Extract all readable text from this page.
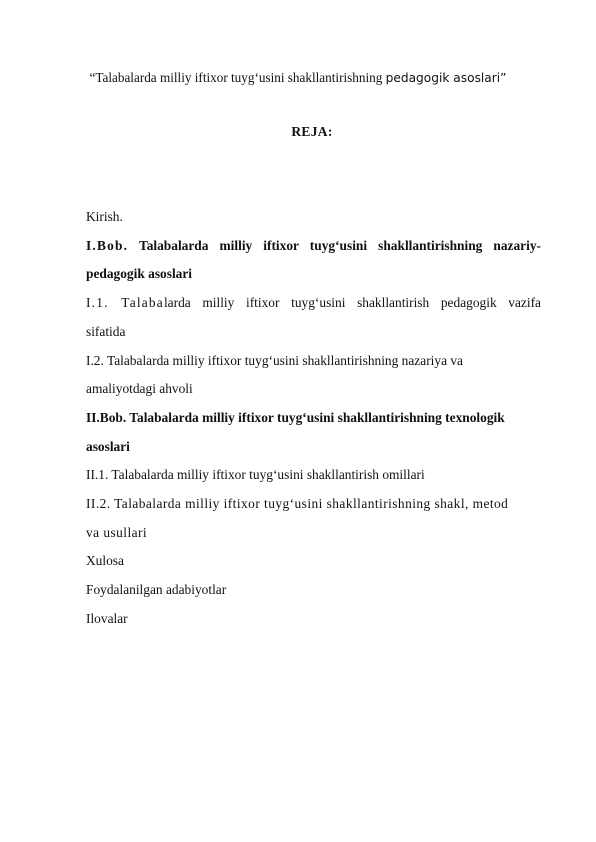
“Talabalarda milliy iftixor tuyg‘usini shakllantirishning pedagogik asoslari”
REJA:
Kirish.
I.Bob. Talabalarda milliy iftixor tuyg‘usini shakllantirishning nazariy-
pedagogik asoslari
I.1. Talabalarda milliy iftixor tuyg‘usini shakllantirish pedagogik vazifa
sifatida
I.2. Talabalarda milliy iftixor tuyg‘usini shakllantirishning nazariya va
amaliyotdagi ahvoli
II.Bob. Talabalarda milliy iftixor tuyg‘usini shakllantirishning texnologik
asoslari
II.1. Talabalarda milliy iftixor tuyg‘usini shakllantirish omillari
II.2. Talabalarda milliy iftixor tuyg‘usini shakllantirishning shakl, metod
va usullari
Xulosa
Foydalanilgan adabiyotlar
Ilovalar
